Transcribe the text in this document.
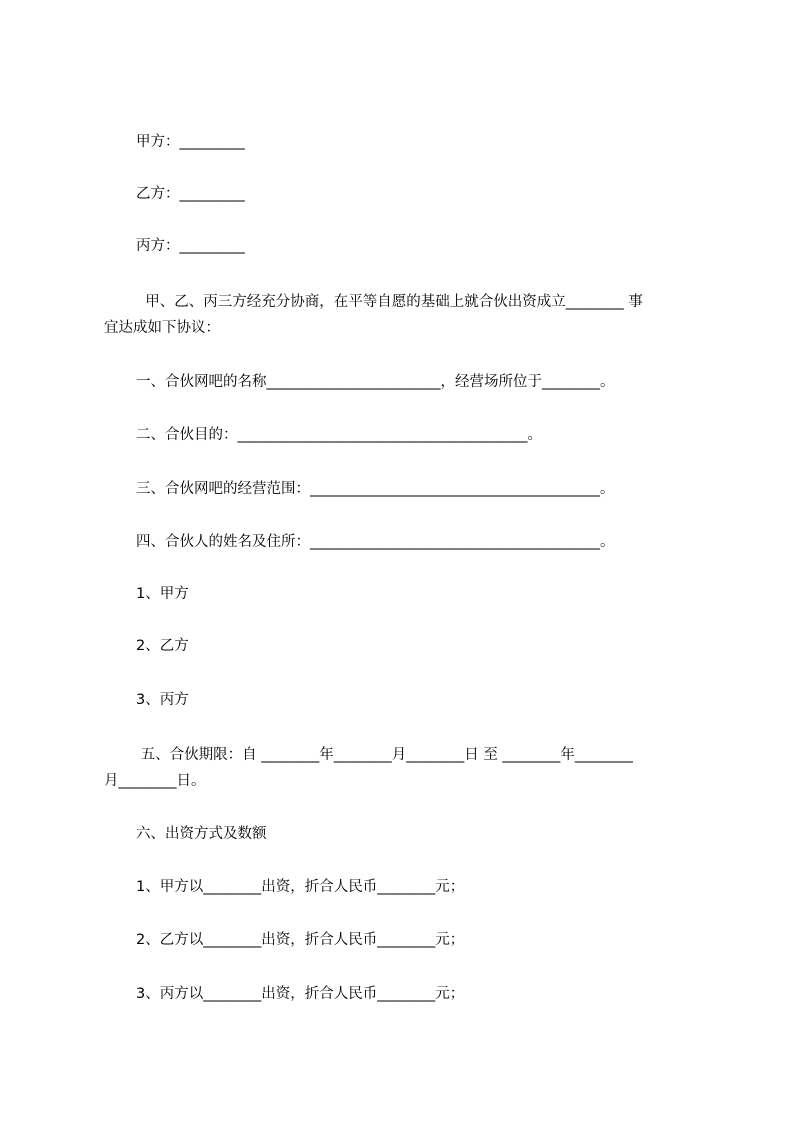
甲方：_________
乙方：_________
丙方：_________
甲、乙、丙三方经充分协商，在平等自愿的基础上就合伙出资成立________ 事
宜达成如下协议：
一、合伙网吧的名称________________________，经营场所位于________。
二、合伙目的：________________________________________。
三、合伙网吧的经营范围：________________________________________。
四、合伙人的姓名及住所：________________________________________。
1、甲方
2、乙方
3、丙方
五、合伙期限：自 ________年________月________日 至 ________年________
月________日。
六、出资方式及数额
1、甲方以________出资，折合人民币________元；
2、乙方以________出资，折合人民币________元；
3、丙方以________出资，折合人民币________元；
